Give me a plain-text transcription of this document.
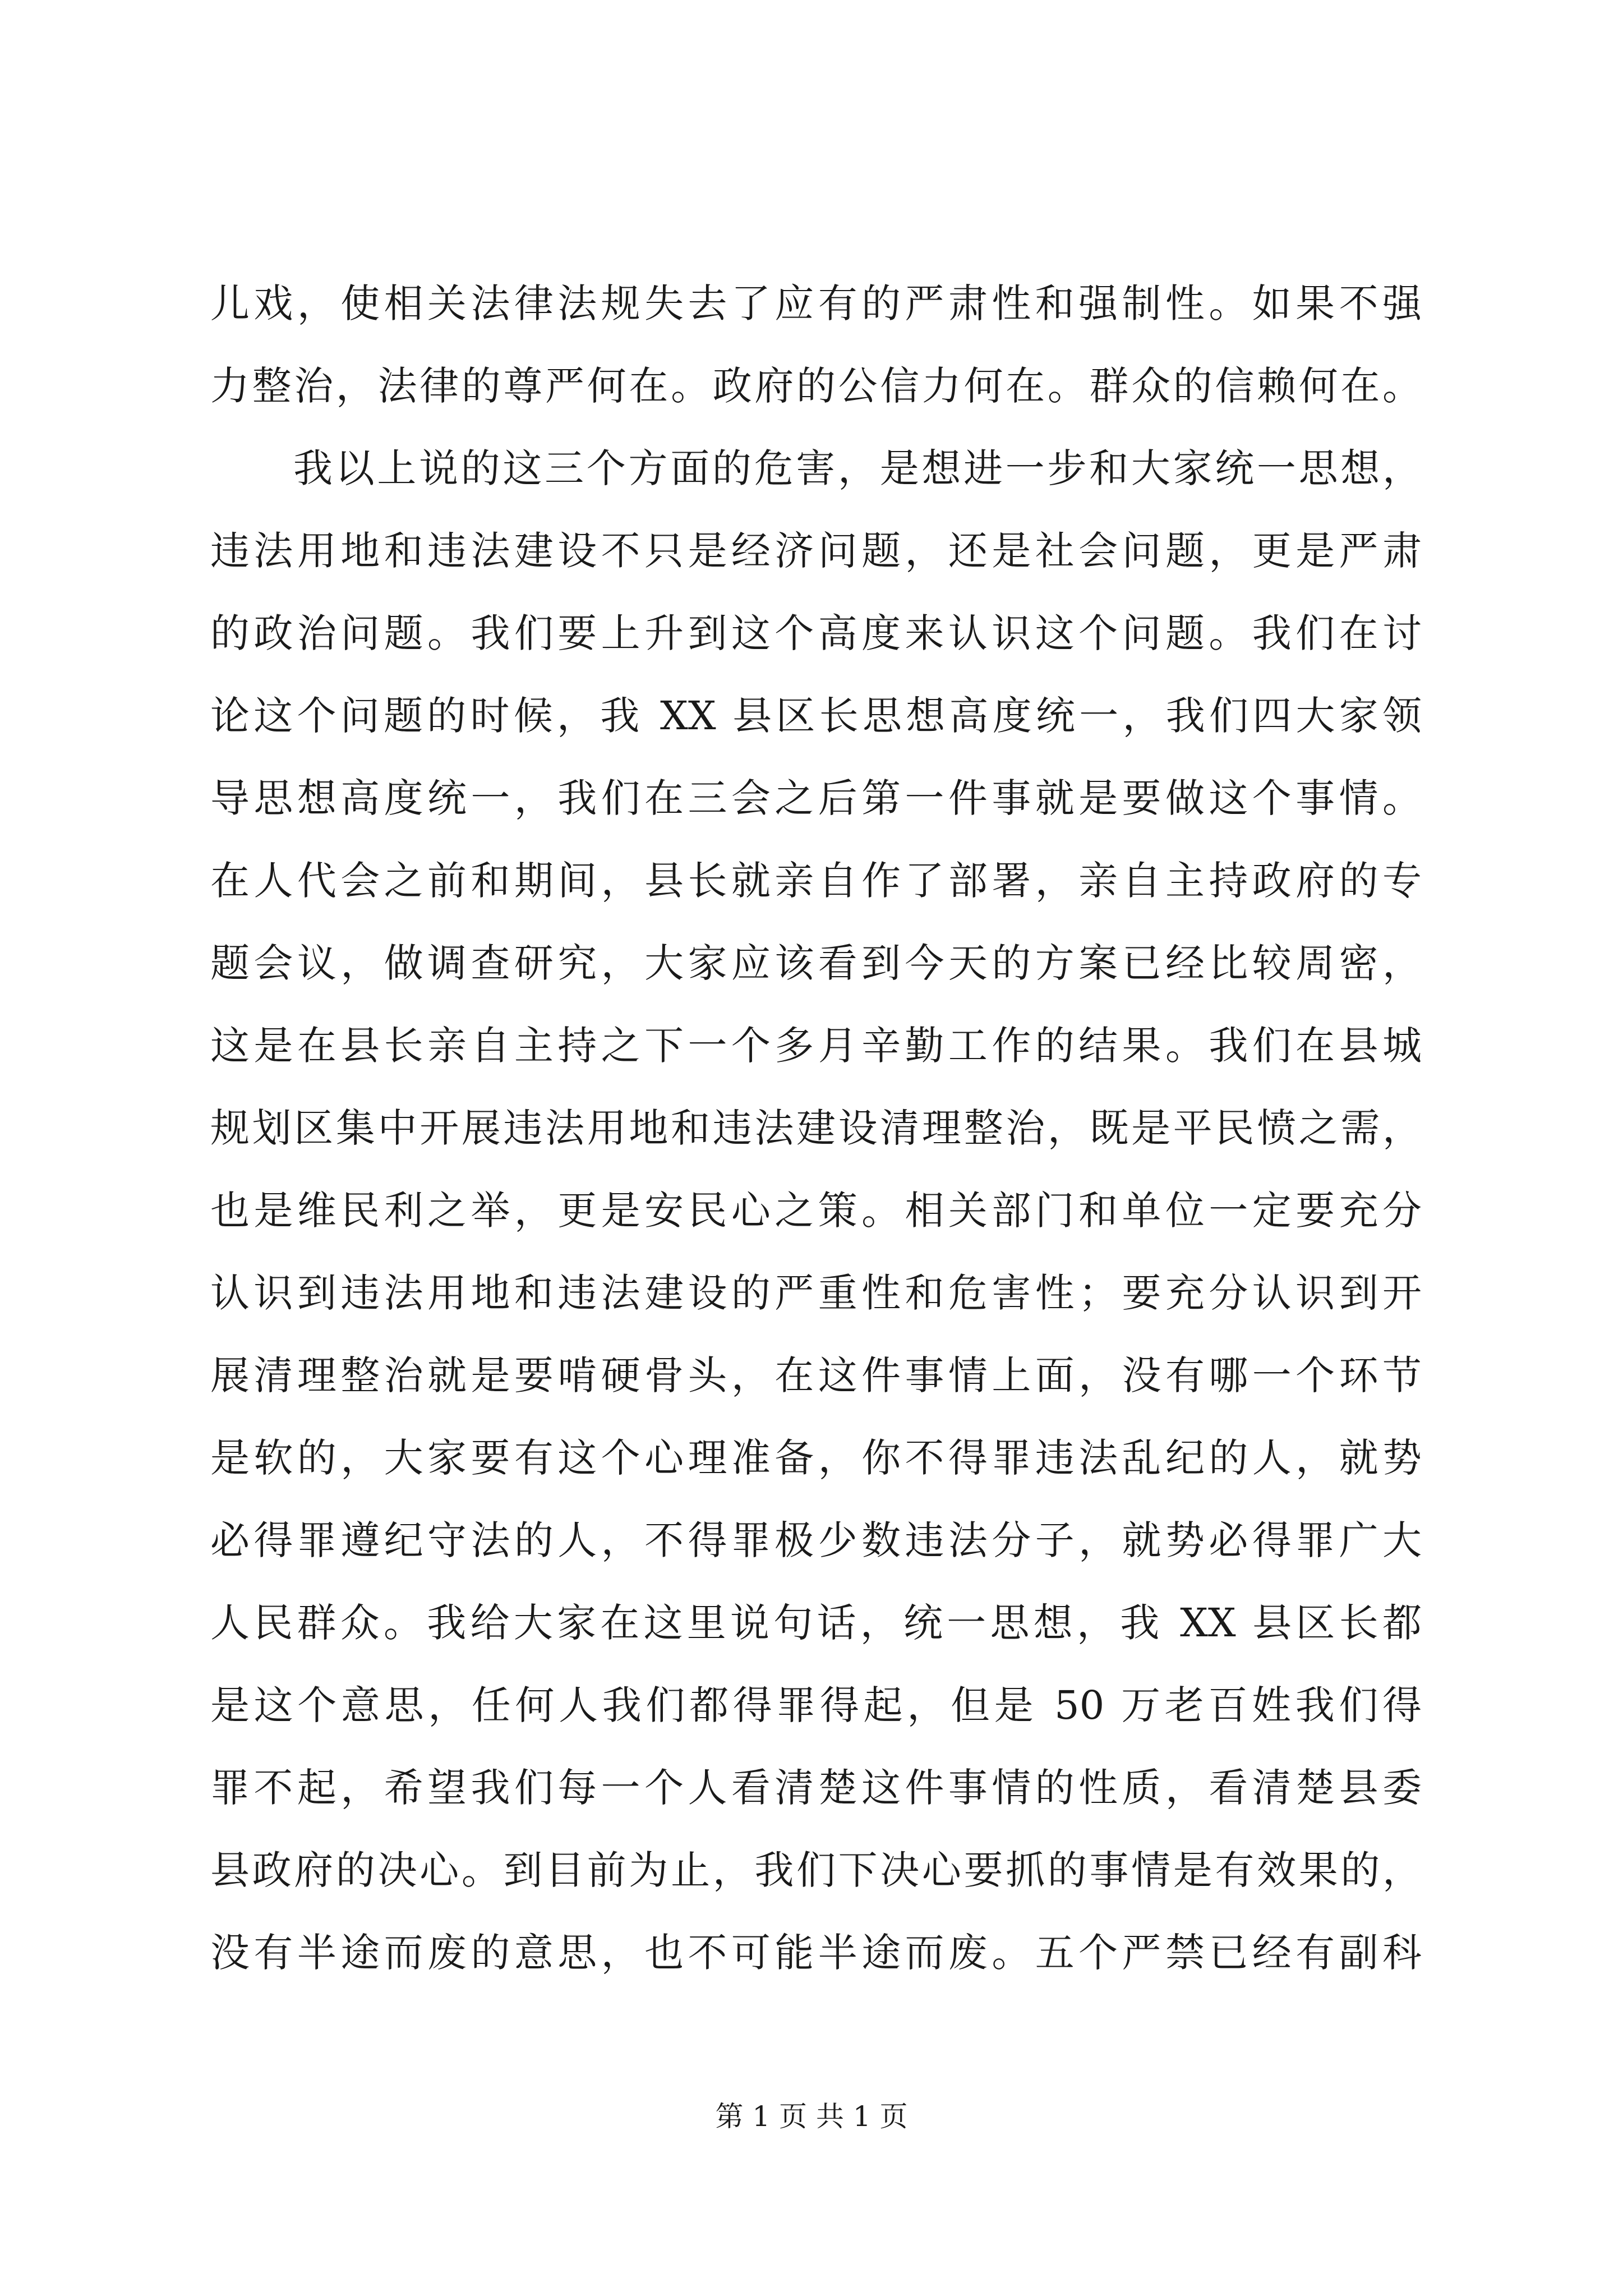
儿戏，使相关法律法规失去了应有的严肃性和强制性。如果不强
力整治，法律的尊严何在。政府的公信力何在。群众的信赖何在。
我以上说的这三个方面的危害，是想进一步和大家统一思想，
违法用地和违法建设不只是经济问题，还是社会问题，更是严肃
的政治问题。我们要上升到这个高度来认识这个问题。我们在讨
论这个问题的时候，我 XX 县区长思想高度统一，我们四大家领
导思想高度统一，我们在三会之后第一件事就是要做这个事情。
在人代会之前和期间，县长就亲自作了部署，亲自主持政府的专
题会议，做调查研究，大家应该看到今天的方案已经比较周密，
这是在县长亲自主持之下一个多月辛勤工作的结果。我们在县城
规划区集中开展违法用地和违法建设清理整治，既是平民愤之需，
也是维民利之举，更是安民心之策。相关部门和单位一定要充分
认识到违法用地和违法建设的严重性和危害性；要充分认识到开
展清理整治就是要啃硬骨头，在这件事情上面，没有哪一个环节
是软的，大家要有这个心理准备，你不得罪违法乱纪的人，就势
必得罪遵纪守法的人，不得罪极少数违法分子，就势必得罪广大
人民群众。我给大家在这里说句话，统一思想，我 XX 县区长都
是这个意思，任何人我们都得罪得起，但是 50 万老百姓我们得
罪不起，希望我们每一个人看清楚这件事情的性质，看清楚县委
县政府的决心。到目前为止，我们下决心要抓的事情是有效果的，
没有半途而废的意思，也不可能半途而废。五个严禁已经有副科
第 1 页 共 1 页
